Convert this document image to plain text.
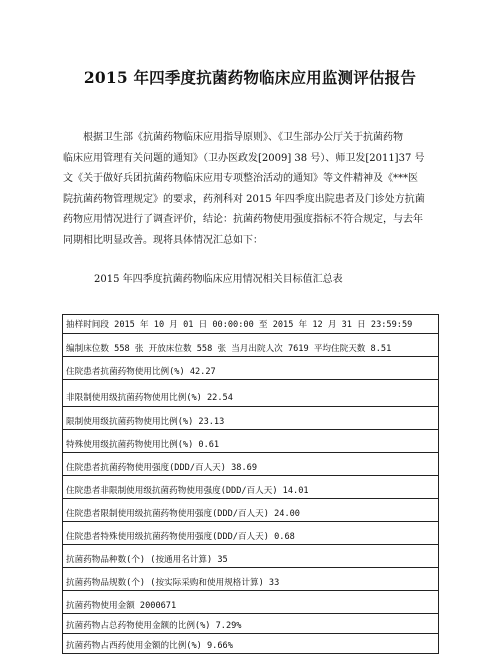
2015 年四季度抗菌药物临床应用监测评估报告
根据卫生部《抗菌药物临床应用指导原则》、《卫生部办公厅关于抗菌药物
临床应用管理有关问题的通知》（卫办医政发[2009] 38 号）、师卫发[2011]37 号
文《关于做好兵团抗菌药物临床应用专项整治活动的通知》等文件精神及《***医
院抗菌药物管理规定》的要求，药剂科对 2015 年四季度出院患者及门诊处方抗菌
药物应用情况进行了调查评价，结论：抗菌药物使用强度指标不符合规定，与去年
同期相比明显改善。现将具体情况汇总如下：
2015 年四季度抗菌药物临床应用情况相关目标值汇总表
抽样时间段 2015 年 10 月 01 日 00:00:00 至 2015 年 12 月 31 日 23:59:59
编制床位数 558 张 开放床位数 558 张 当月出院人次 7619 平均住院天数 8.51
住院患者抗菌药物使用比例(%) 42.27
非限制使用级抗菌药物使用比例(%) 22.54
限制使用级抗菌药物使用比例(%) 23.13
特殊使用级抗菌药物使用比例(%) 0.61
住院患者抗菌药物使用强度(DDD/百人天) 38.69
住院患者非限制使用级抗菌药物使用强度(DDD/百人天) 14.01
住院患者限制使用级抗菌药物使用强度(DDD/百人天) 24.00
住院患者特殊使用级抗菌药物使用强度(DDD/百人天) 0.68
抗菌药物品种数(个) (按通用名计算) 35
抗菌药物品规数(个) (按实际采购和使用规格计算) 33
抗菌药物使用金额 2000671
抗菌药物占总药物使用金额的比例(%) 7.29%
抗菌药物占西药使用金额的比例(%) 9.66%
